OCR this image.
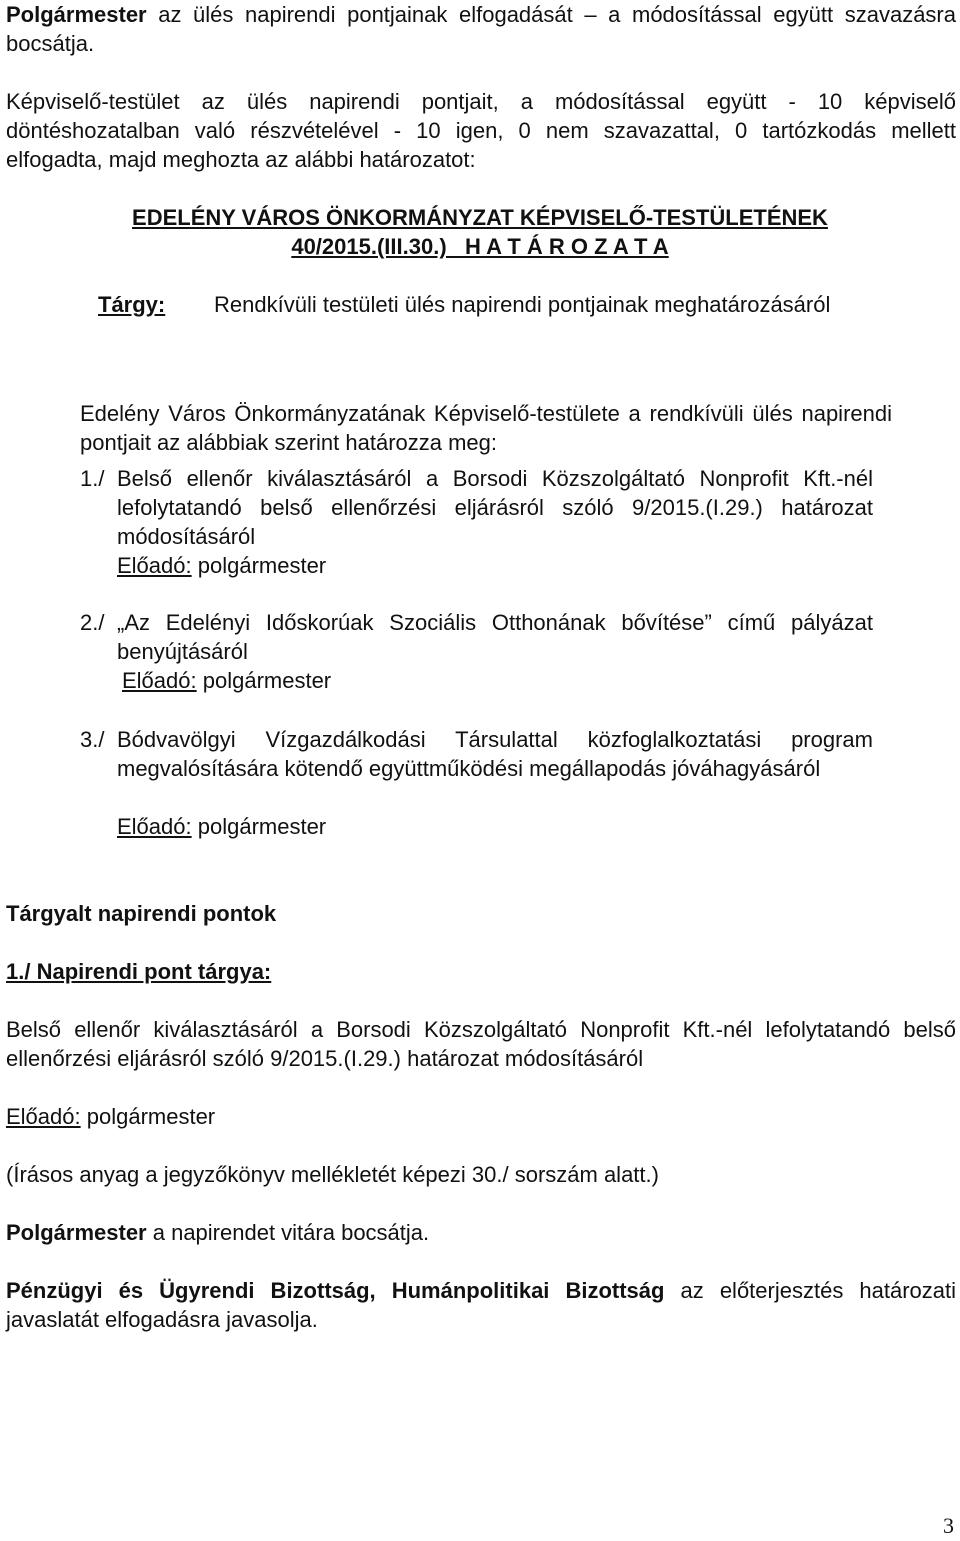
Polgármester az ülés napirendi pontjainak elfogadását – a módosítással együtt szavazásra bocsátja.

Képviselő-testület az ülés napirendi pontjait, a módosítással együtt - 10 képviselő döntéshozatalban való részvételével - 10 igen, 0 nem szavazattal, 0 tartózkodás mellett elfogadta, majd meghozta az alábbi határozatot:

EDELÉNY VÁROS ÖNKORMÁNYZAT KÉPVISELŐ-TESTÜLETÉNEK

40/2015.(III.30.)   H A T Á R O Z A T A

Tárgy:	Rendkívüli testületi ülés napirendi pontjainak meghatározásáról

Edelény Város Önkormányzatának Képviselő-testülete a rendkívüli ülés napirendi pontjait az alábbiak szerint határozza meg:

1./ Belső ellenőr kiválasztásáról a Borsodi Közszolgáltató Nonprofit Kft.-nél lefolytatandó belső ellenőrzési eljárásról szóló 9/2015.(I.29.) határozat módosításáról
Előadó: polgármester
2./ „Az Edelényi Időskorúak Szociális Otthonának bővítése” című pályázat benyújtásáról
Előadó: polgármester
3./ Bódvavölgyi Vízgazdálkodási Társulattal közfoglalkoztatási program megvalósítására kötendő együttműködési megállapodás jóváhagyásáról
Előadó: polgármester

Tárgyalt napirendi pontok

1./ Napirendi pont tárgya:

Belső ellenőr kiválasztásáról a Borsodi Közszolgáltató Nonprofit Kft.-nél lefolytatandó belső ellenőrzési eljárásról szóló 9/2015.(I.29.) határozat módosításáról

Előadó: polgármester

(Írásos anyag a jegyzőkönyv mellékletét képezi 30./ sorszám alatt.)

Polgármester a napirendet vitára bocsátja.

Pénzügyi és Ügyrendi Bizottság, Humánpolitikai Bizottság az előterjesztés határozati javaslatát elfogadásra javasolja.

3
